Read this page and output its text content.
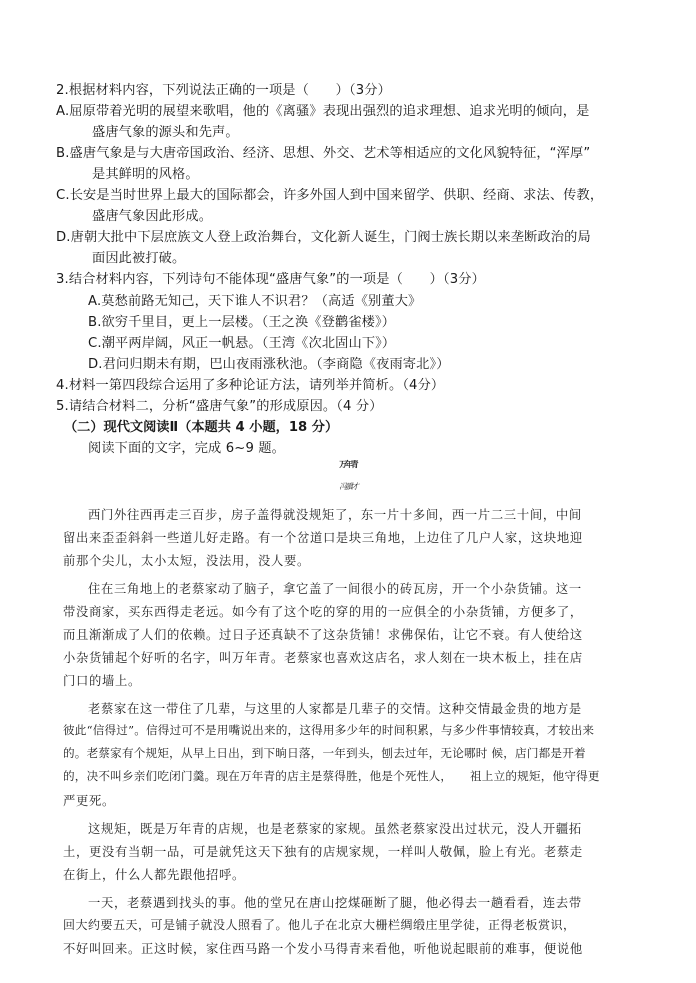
2.根据材料内容，下列说法正确的一项是（　　）（3分）

A.屈原带着光明的展望来歌唱，他的《离骚》表现出强烈的追求理想、追求光明的倾向，是

盛唐气象的源头和先声。

B.盛唐气象是与大唐帝国政治、经济、思想、外交、艺术等相适应的文化风貌特征，“浑厚”

是其鲜明的风格。

C.长安是当时世界上最大的国际都会，许多外国人到中国来留学、供职、经商、求法、传教，

盛唐气象因此形成。

D.唐朝大批中下层庶族文人登上政治舞台，文化新人诞生，门阀士族长期以来垄断政治的局

面因此被打破。

3.结合材料内容，下列诗句不能体现“盛唐气象”的一项是（　　）（3分）

A.莫愁前路无知己，天下谁人不识君？（高适《别董大》

B.欲穷千里目，更上一层楼。（王之涣《登鹳雀楼》）

C.潮平两岸阔，风正一帆悬。（王湾《次北固山下》）

D.君问归期未有期，巴山夜雨涨秋池。（李商隐《夜雨寄北》）

4.材料一第四段综合运用了多种论证方法，请列举并简析。（4分）

5.请结合材料二，分析“盛唐气象”的形成原因。（4 分）

（二）现代文阅读Ⅱ（本题共 4 小题，18 分）

阅读下面的文字，完成 6~9 题。

万年青

冯骥才

西门外往西再走三百步，房子盖得就没规矩了，东一片十多间，西一片二三十间，中间

留出来歪歪斜斜一些道儿好走路。有一个岔道口是块三角地，上边住了几户人家，这块地迎

前那个尖儿，太小太短，没法用，没人要。

住在三角地上的老蔡家动了脑子，拿它盖了一间很小的砖瓦房，开一个小杂货铺。这一

带没商家，买东西得走老远。如今有了这个吃的穿的用的一应俱全的小杂货铺，方便多了，

而且渐渐成了人们的依赖。过日子还真缺不了这杂货铺！求佛保佑，让它不衰。有人使给这

小杂货铺起个好听的名字，叫万年青。老蔡家也喜欢这店名，求人刻在一块木板上，挂在店

门口的墙上。

老蔡家在这一带住了几辈，与这里的人家都是几辈子的交情。这种交情最金贵的地方是

彼此“信得过”。信得过可不是用嘴说出来的，这得用多少年的时间积累，与多少件事情较真，才较出来

的。老蔡家有个规矩，从早上日出，到下晌日落，一年到头，刨去过年，无论哪时 候，店门都是开着

的，决不叫乡亲们吃闭门羹。现在万年青的店主是蔡得胜，他是个死性人，　　祖上立的规矩，他守得更

严更死。

这规矩，既是万年青的店规，也是老蔡家的家规。虽然老蔡家没出过状元，没人开疆拓

土，更没有当朝一品，可是就凭这天下独有的店规家规，一样叫人敬佩，脸上有光。老蔡走

在街上，什么人都先跟他招呼。

一天，老蔡遇到找头的事。他的堂兄在唐山挖煤砸断了腿，他必得去一趟看看，连去带

回大约要五天，可是铺子就没人照看了。他儿子在北京大栅栏绸缎庄里学徒，正得老板赏识，

不好叫回来。正这时候，家住西马路一个发小马得青来看他，听他说起眼前的难事，便说他
